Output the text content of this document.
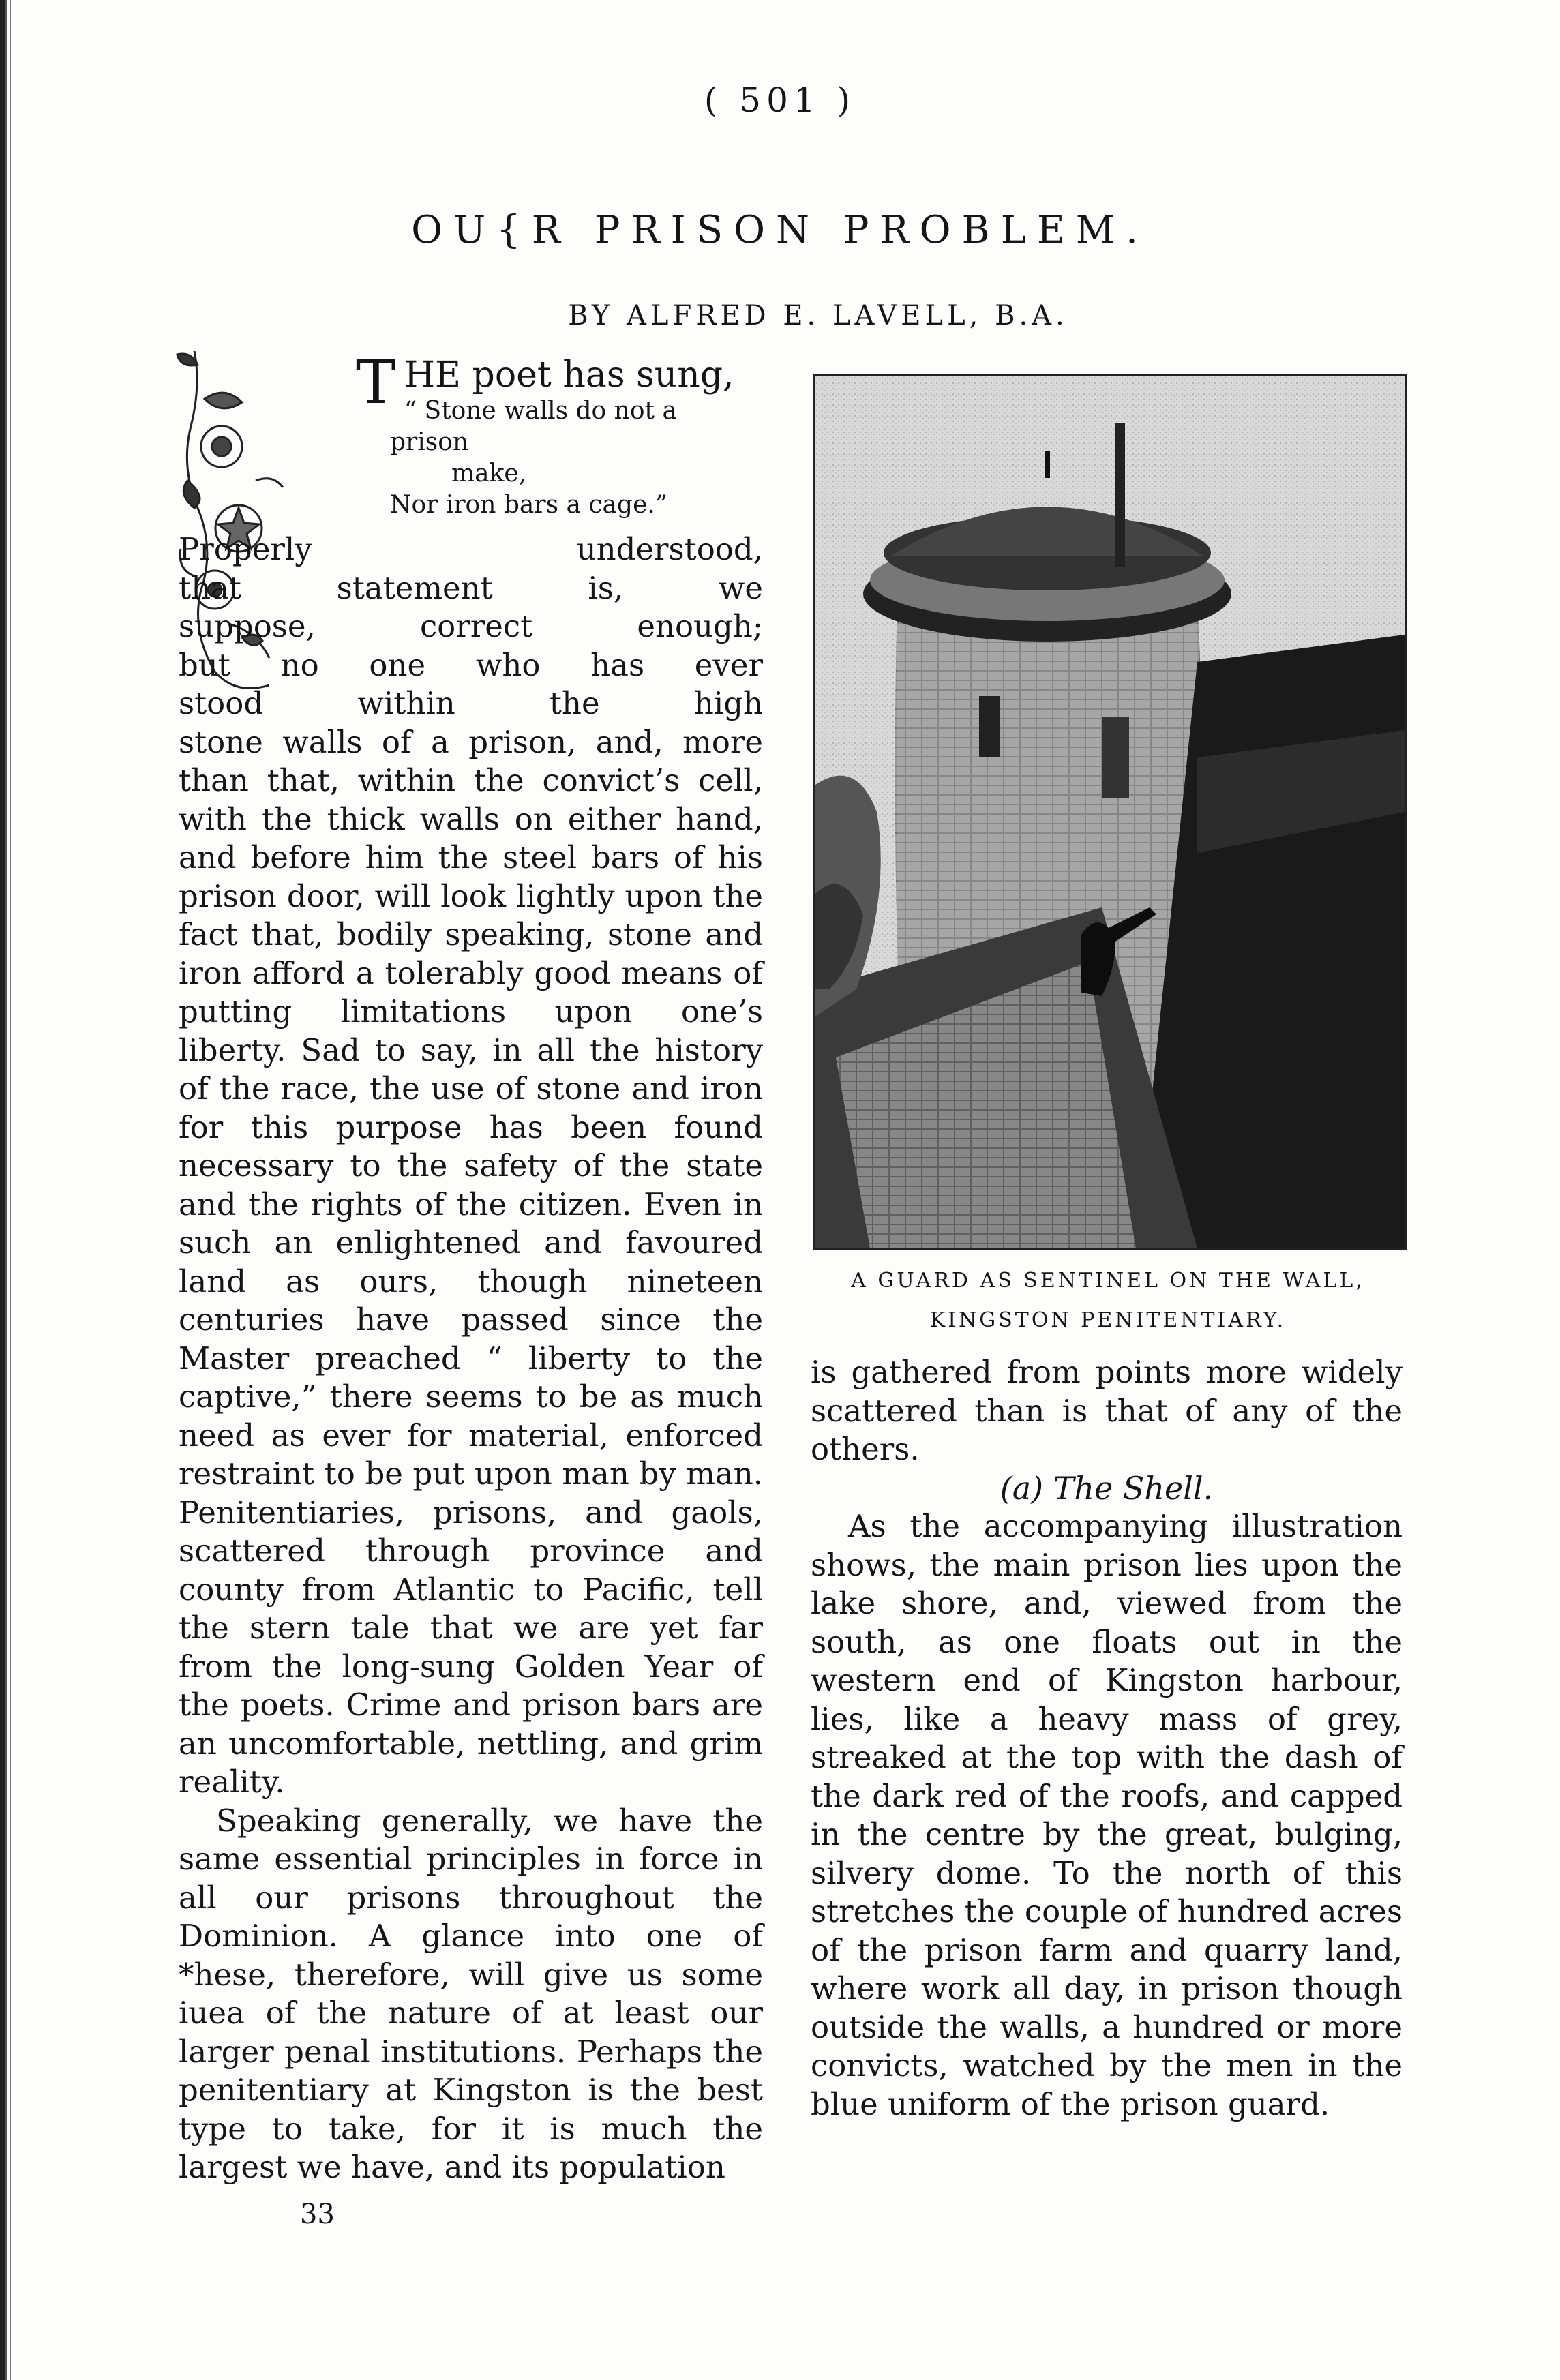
( 501 )
OU{R PRISON PROBLEM.
BY ALFRED E. LAVELL, B.A.
THE poet has sung,
“ Stone walls do not a prison
make,
Nor iron bars a cage.”

Properly understood,

that statement is, we

suppose, correct enough;

but no one who has ever

stood within the high

stone walls of a prison, and, more than that, within the convict’s cell, with the thick walls on either hand, and before him the steel bars of his prison door, will look lightly upon the fact that, bodily speaking, stone and iron afford a tolerably good means of putting limitations upon one’s liberty. Sad to say, in all the history of the race, the use of stone and iron for this purpose has been found necessary to the safety of the state and the rights of the citizen. Even in such an enlightened and favoured land as ours, though nineteen centuries have passed since the Master preached “ liberty to the captive,” there seems to be as much need as ever for material, enforced restraint to be put upon man by man. Penitentiaries, prisons, and gaols, scattered through province and county from Atlantic to Pacific, tell the stern tale that we are yet far from the long-sung Golden Year of the poets. Crime and prison bars are an uncomfortable, nettling, and grim reality.

Speaking generally, we have the same essential principles in force in all our prisons throughout the Dominion. A glance into one of *hese, therefore, will give us some iuea of the nature of at least our larger penal institutions. Perhaps the penitentiary at Kingston is the best type to take, for it is much the largest we have, and its population

A GUARD AS SENTINEL ON THE WALL,
KINGSTON PENITENTIARY.

is gathered from points more widely scattered than is that of any of the others.

(a) The Shell.

As the accompanying illustration shows, the main prison lies upon the lake shore, and, viewed from the south, as one floats out in the western end of Kingston harbour, lies, like a heavy mass of grey, streaked at the top with the dash of the dark red of the roofs, and capped in the centre by the great, bulging, silvery dome. To the north of this stretches the couple of hundred acres of the prison farm and quarry land, where work all day, in prison though outside the walls, a hundred or more convicts, watched by the men in the blue uniform of the prison guard.

33
